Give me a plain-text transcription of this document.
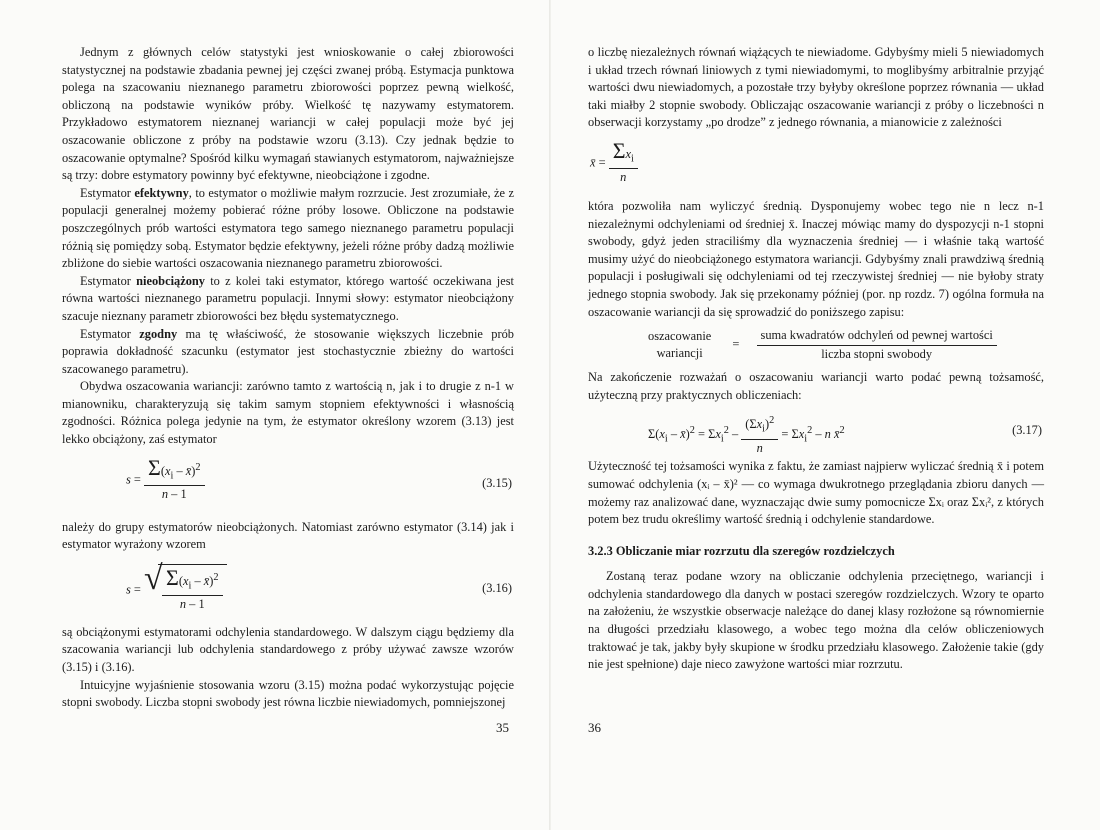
Jednym z głównych celów statystyki jest wnioskowanie o całej zbiorowości statystycznej na podstawie zbadania pewnej jej części zwanej próbą. Estymacja punktowa polega na szacowaniu nieznanego parametru zbiorowości poprzez pewną wielkość, obliczoną na podstawie wyników próby. Wielkość tę nazywamy estymatorem. Przykładowo estymatorem nieznanej wariancji w całej populacji może być jej oszacowanie obliczone z próby na podstawie wzoru (3.13). Czy jednak będzie to oszacowanie optymalne? Spośród kilku wymagań stawianych estymatorom, najważniejsze są trzy: dobre estymatory powinny być efektywne, nieobciążone i zgodne.

Estymator efektywny, to estymator o możliwie małym rozrzucie. Jest zrozumiałe, że z populacji generalnej możemy pobierać różne próby losowe. Obliczone na podstawie poszczególnych prób wartości estymatora tego samego nieznanego parametru populacji różnią się pomiędzy sobą. Estymator będzie efektywny, jeżeli różne próby dadzą możliwie zbliżone do siebie wartości oszacowania nieznanego parametru zbiorowości.

Estymator nieobciążony to z kolei taki estymator, którego wartość oczekiwana jest równa wartości nieznanego parametru populacji. Innymi słowy: estymator nieobciążony szacuje nieznany parametr zbiorowości bez błędu systematycznego.

Estymator zgodny ma tę właściwość, że stosowanie większych liczebnie prób poprawia dokładność szacunku (estymator jest stochastycznie zbieżny do wartości szacowanego parametru).

Obydwa oszacowania wariancji: zarówno tamto z wartością n, jak i to drugie z n-1 w mianowniku, charakteryzują się takim samym stopniem efektywności i własnością zgodności. Różnica polega jedynie na tym, że estymator określony wzorem (3.13) jest lekko obciążony, zaś estymator

$s = \frac{\Sigma(x_i - x̄)^2}{n - 1}$	(3.15)

należy do grupy estymatorów nieobciążonych. Natomiast zarówno estymator (3.14) jak i estymator wyrażony wzorem

s =
√ $\frac{\Sigma(x_i - x̄)^2}{n - 1}$	(3.16)

są obciążonymi estymatorami odchylenia standardowego. W dalszym ciągu będziemy dla szacowania wariancji lub odchylenia standardowego z próby używać zawsze wzorów (3.15) i (3.16).

Intuicyjne wyjaśnienie stosowania wzoru (3.15) można podać wykorzystując pojęcie stopni swobody. Liczba stopni swobody jest równa liczbie niewiadomych, pomniejszonej

35

o liczbę niezależnych równań wiążących te niewiadome. Gdybyśmy mieli 5 niewiadomych i układ trzech równań liniowych z tymi niewiadomymi, to moglibyśmy arbitralnie przyjąć wartości dwu niewiadomych, a pozostałe trzy byłyby określone poprzez równania — układ taki miałby 2 stopnie swobody. Obliczając oszacowanie wariancji z próby o liczebności n obserwacji korzystamy „po drodze” z jednego równania, a mianowicie z zależności

x̄ = $\frac{\Sigma x_i}{n}$

która pozwoliła nam wyliczyć średnią. Dysponujemy wobec tego nie n lecz n-1 niezależnymi odchyleniami od średniej x̄. Inaczej mówiąc mamy do dyspozycji n-1 stopni swobody, gdyż jeden straciliśmy dla wyznaczenia średniej — i właśnie taką wartość musimy użyć do nieobciążonego estymatora wariancji. Gdybyśmy znali prawdziwą średnią populacji i posługiwali się odchyleniami od tej rzeczywistej średniej — nie byłoby straty jednego stopnia swobody. Jak się przekonamy później (por. np rozdz. 7) ogólna formuła na oszacowanie wariancji da się sprowadzić do poniższego zapisu:

oszacowanie
wariancji
= $\frac{\text{suma kwadratów odchyleń od pewnej wartości}}{\text{liczba stopni swobody}}$

Na zakończenie rozważań o oszacowaniu wariancji warto podać pewną tożsamość, użyteczną przy praktycznych obliczeniach:

$\Sigma(x_i$ – x̄)$^2$ = $\Sigma x_i^2 - \frac{(\Sigma x_i)^2}{n} = \Sigma x_i^2 - n$ x̄$^2$	(3.17)

Użyteczność tej tożsamości wynika z faktu, że zamiast najpierw wyliczać średnią x̄ i potem sumować odchylenia (xᵢ – x̄)² — co wymaga dwukrotnego przeglądania zbioru danych — możemy raz analizować dane, wyznaczając dwie sumy pomocnicze Σxᵢ oraz Σxᵢ², z których potem bez trudu określimy wartość średnią i odchylenie standardowe.

3.2.3 Obliczanie miar rozrzutu dla szeregów rozdzielczych

Zostaną teraz podane wzory na obliczanie odchylenia przeciętnego, wariancji i odchylenia standardowego dla danych w postaci szeregów rozdzielczych. Wzory te oparto na założeniu, że wszystkie obserwacje należące do danej klasy rozłożone są równomiernie na długości przedziału klasowego, a wobec tego można dla celów obliczeniowych traktować je tak, jakby były skupione w środku przedziału klasowego. Założenie takie (gdy nie jest spełnione) daje nieco zawyżone wartości miar rozrzutu.

36
